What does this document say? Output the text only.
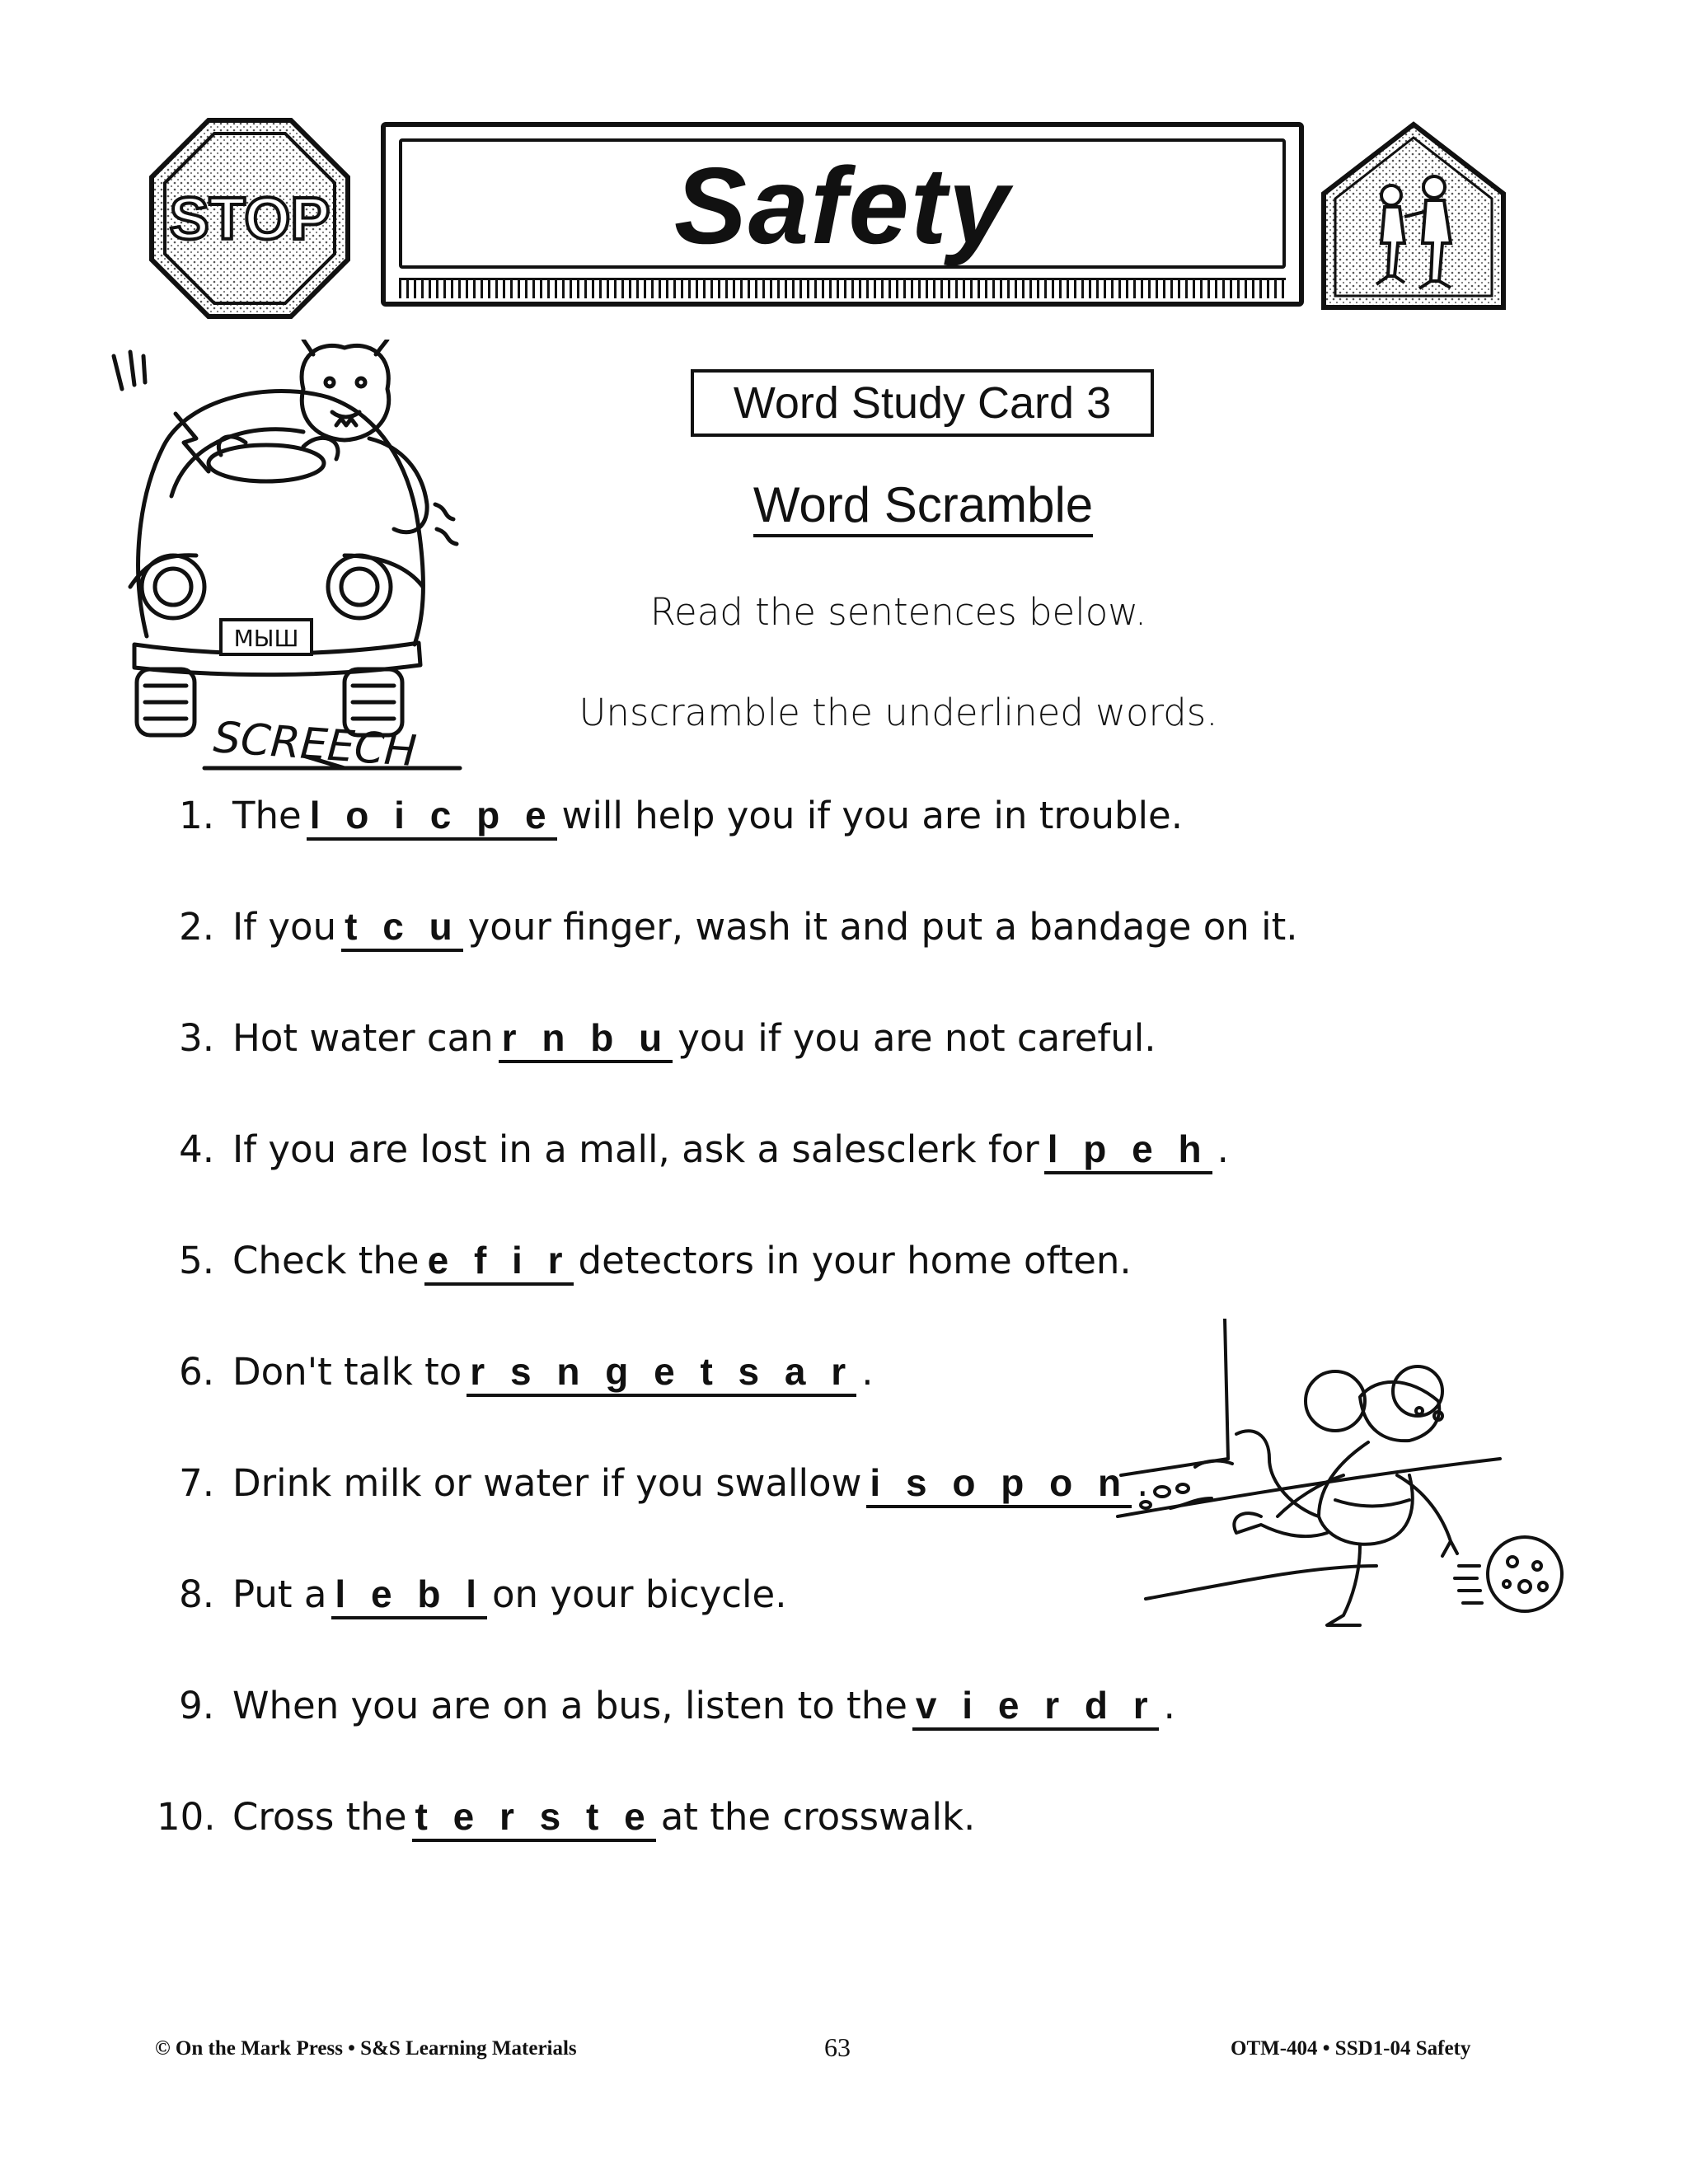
STOP	Safety
МЫШ
SCREECH
Word Study Card 3
Word Scramble
Read the sentences below.
Unscramble the underlined words.
1. The l o i c p e will help you if you are in trouble.
2. If you t c u your finger, wash it and put a bandage on it.
3. Hot water can r n b u you if you are not careful.
4. If you are lost in a mall, ask a salesclerk for l p e h .
5. Check the e f i r detectors in your home often.
6. Don't talk to r s n g e t s a r .
7. Drink milk or water if you swallow i s o p o n .
8. Put a l e b l on your bicycle.
9. When you are on a bus, listen to the v i e r d r .
10. Cross the t e r s t e at the crosswalk.
© On the Mark Press • S&S Learning Materials	63	OTM-404 • SSD1-04 Safety
